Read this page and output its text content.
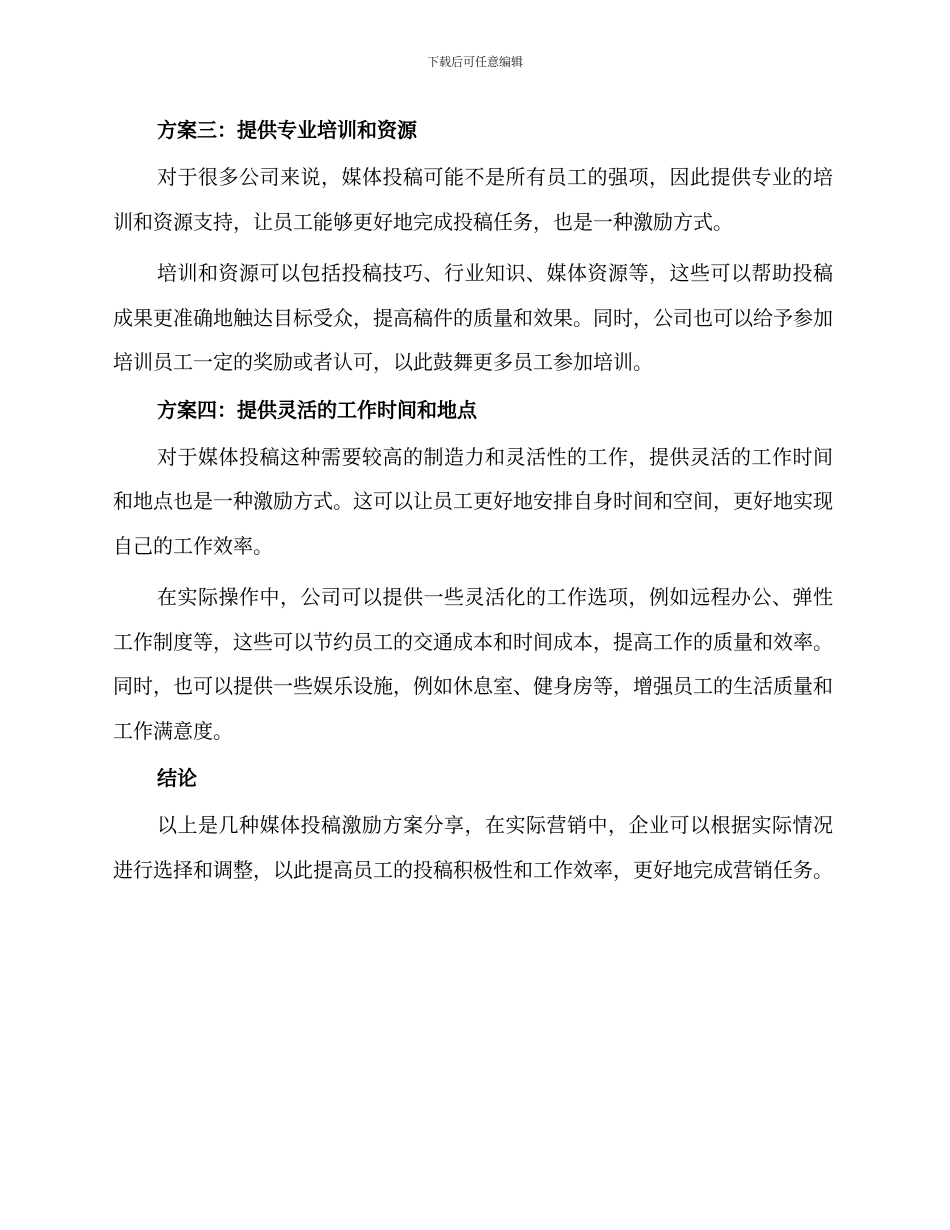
下载后可任意编辑
方案三：提供专业培训和资源

对于很多公司来说，媒体投稿可能不是所有员工的强项，因此提供专业的培训和资源支持，让员工能够更好地完成投稿任务，也是一种激励方式。

培训和资源可以包括投稿技巧、行业知识、媒体资源等，这些可以帮助投稿成果更准确地触达目标受众，提高稿件的质量和效果。同时，公司也可以给予参加培训员工一定的奖励或者认可，以此鼓舞更多员工参加培训。

方案四：提供灵活的工作时间和地点

对于媒体投稿这种需要较高的制造力和灵活性的工作，提供灵活的工作时间和地点也是一种激励方式。这可以让员工更好地安排自身时间和空间，更好地实现自己的工作效率。

在实际操作中，公司可以提供一些灵活化的工作选项，例如远程办公、弹性工作制度等，这些可以节约员工的交通成本和时间成本，提高工作的质量和效率。同时，也可以提供一些娱乐设施，例如休息室、健身房等，增强员工的生活质量和工作满意度。

结论

以上是几种媒体投稿激励方案分享，在实际营销中，企业可以根据实际情况进行选择和调整，以此提高员工的投稿积极性和工作效率，更好地完成营销任务。
